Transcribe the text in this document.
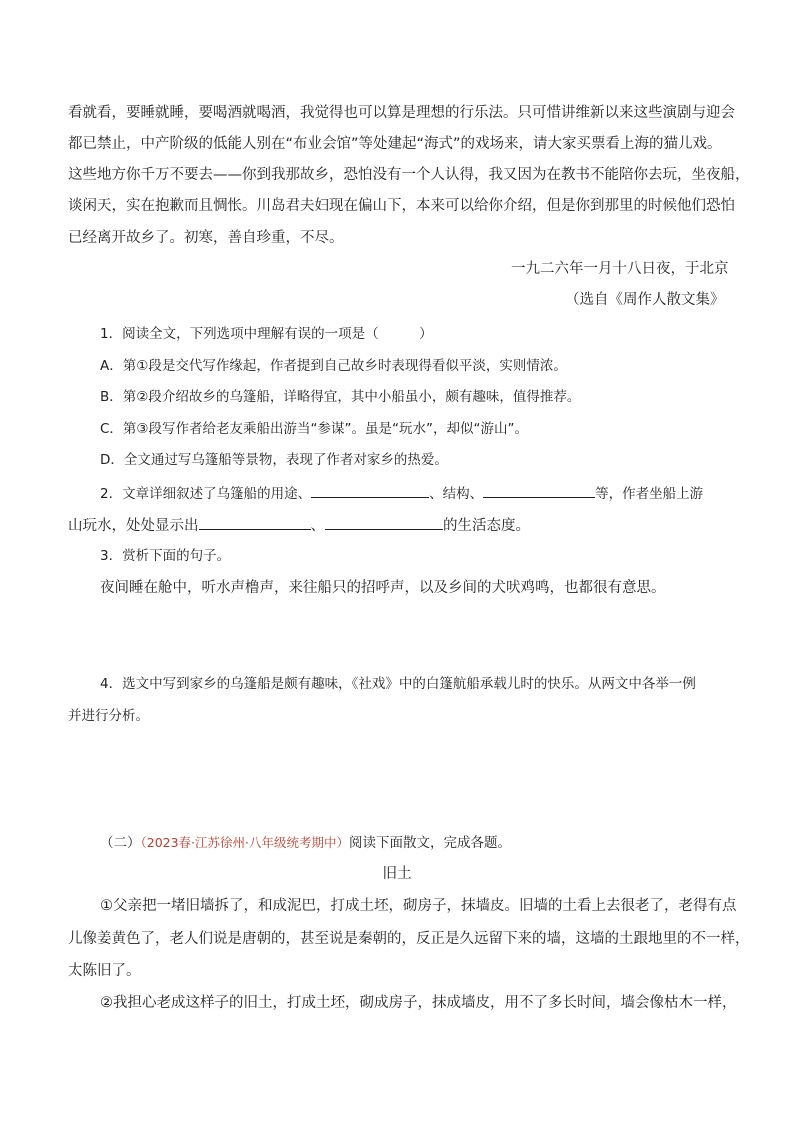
看就看，要睡就睡，要喝酒就喝酒，我觉得也可以算是理想的行乐法。只可惜讲维新以来这些演剧与迎会
都已禁止，中产阶级的低能人别在“布业会馆”等处建起“海式”的戏场来，请大家买票看上海的猫儿戏。
这些地方你千万不要去——你到我那故乡，恐怕没有一个人认得，我又因为在教书不能陪你去玩，坐夜船，
谈闲天，实在抱歉而且惆怅。川岛君夫妇现在偏山下，本来可以给你介绍，但是你到那里的时候他们恐怕
已经离开故乡了。初寒，善自珍重，不尽。
一九二六年一月十八日夜，于北京
（选自《周作人散文集》
1．阅读全文，下列选项中理解有误的一项是（　　　）
A．第①段是交代写作缘起，作者提到自己故乡时表现得看似平淡，实则情浓。
B．第②段介绍故乡的乌篷船，详略得宜，其中小船虽小，颇有趣味，值得推荐。
C．第③段写作者给老友乘船出游当“参谋”。虽是“玩水”，却似“游山”。
D．全文通过写乌篷船等景物，表现了作者对家乡的热爱。
2．文章详细叙述了乌篷船的用途、	、结构、	等，作者坐船上游
山玩水，处处显示出	、	的生活态度。
3．赏析下面的句子。
夜间睡在舱中，听水声橹声，来往船只的招呼声，以及乡间的犬吠鸡鸣，也都很有意思。
4．选文中写到家乡的乌篷船是颇有趣味，《社戏》中的白篷航船承载儿时的快乐。从两文中各举一例
并进行分析。
（二）（2023春·江苏徐州·八年级统考期中）阅读下面散文，完成各题。
旧土
①父亲把一堵旧墙拆了，和成泥巴，打成土坯，砌房子，抹墙皮。旧墙的土看上去很老了，老得有点
儿像姜黄色了，老人们说是唐朝的，甚至说是秦朝的，反正是久远留下来的墙，这墙的土跟地里的不一样，
太陈旧了。
②我担心老成这样子的旧土，打成土坯，砌成房子，抹成墙皮，用不了多长时间，墙会像枯木一样，
